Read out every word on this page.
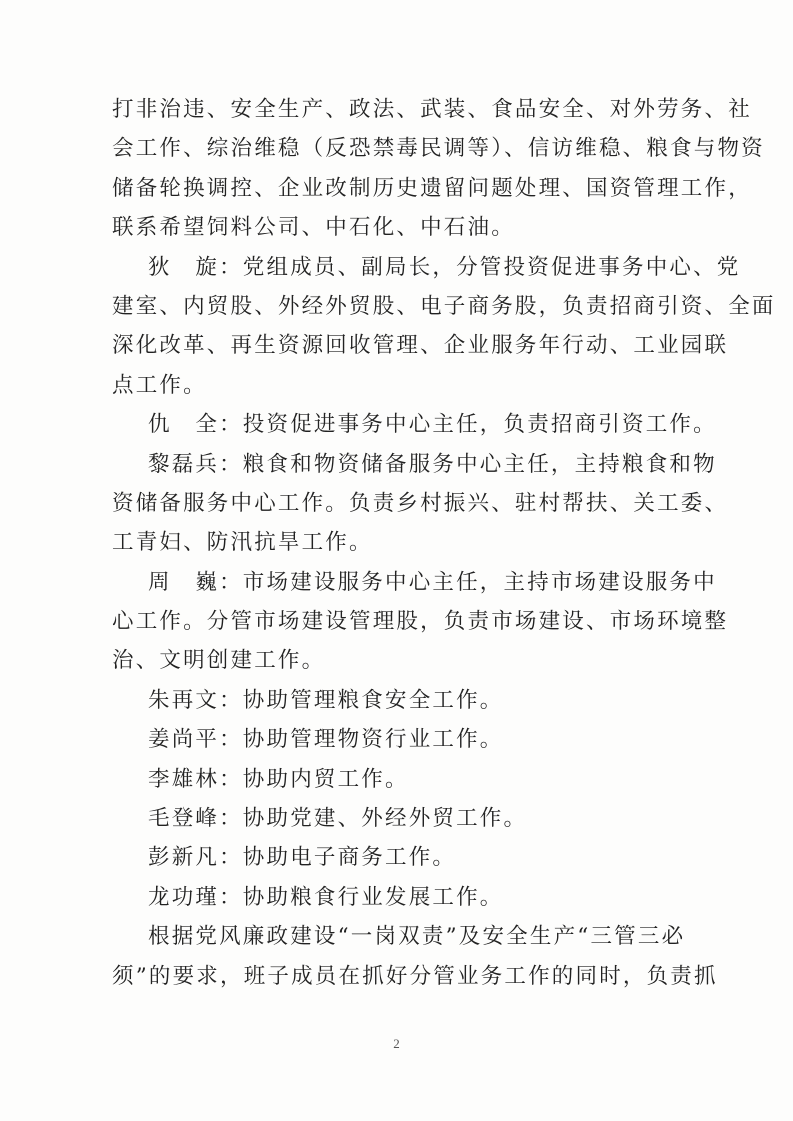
打非治违、安全生产、政法、武装、食品安全、对外劳务、社
会工作、综治维稳（反恐禁毒民调等）、信访维稳、粮食与物资
储备轮换调控、企业改制历史遗留问题处理、国资管理工作，
联系希望饲料公司、中石化、中石油。
狄　旋：党组成员、副局长，分管投资促进事务中心、党
建室、内贸股、外经外贸股、电子商务股，负责招商引资、全面
深化改革、再生资源回收管理、企业服务年行动、工业园联
点工作。
仇　全：投资促进事务中心主任，负责招商引资工作。
黎磊兵：粮食和物资储备服务中心主任，主持粮食和物
资储备服务中心工作。负责乡村振兴、驻村帮扶、关工委、
工青妇、防汛抗旱工作。
周　巍：市场建设服务中心主任，主持市场建设服务中
心工作。分管市场建设管理股，负责市场建设、市场环境整
治、文明创建工作。
朱再文：协助管理粮食安全工作。
姜尚平：协助管理物资行业工作。
李雄林：协助内贸工作。
毛登峰：协助党建、外经外贸工作。
彭新凡：协助电子商务工作。
龙功瑾：协助粮食行业发展工作。
根据党风廉政建设“一岗双责”及安全生产“三管三必
须”的要求，班子成员在抓好分管业务工作的同时，负责抓
2
